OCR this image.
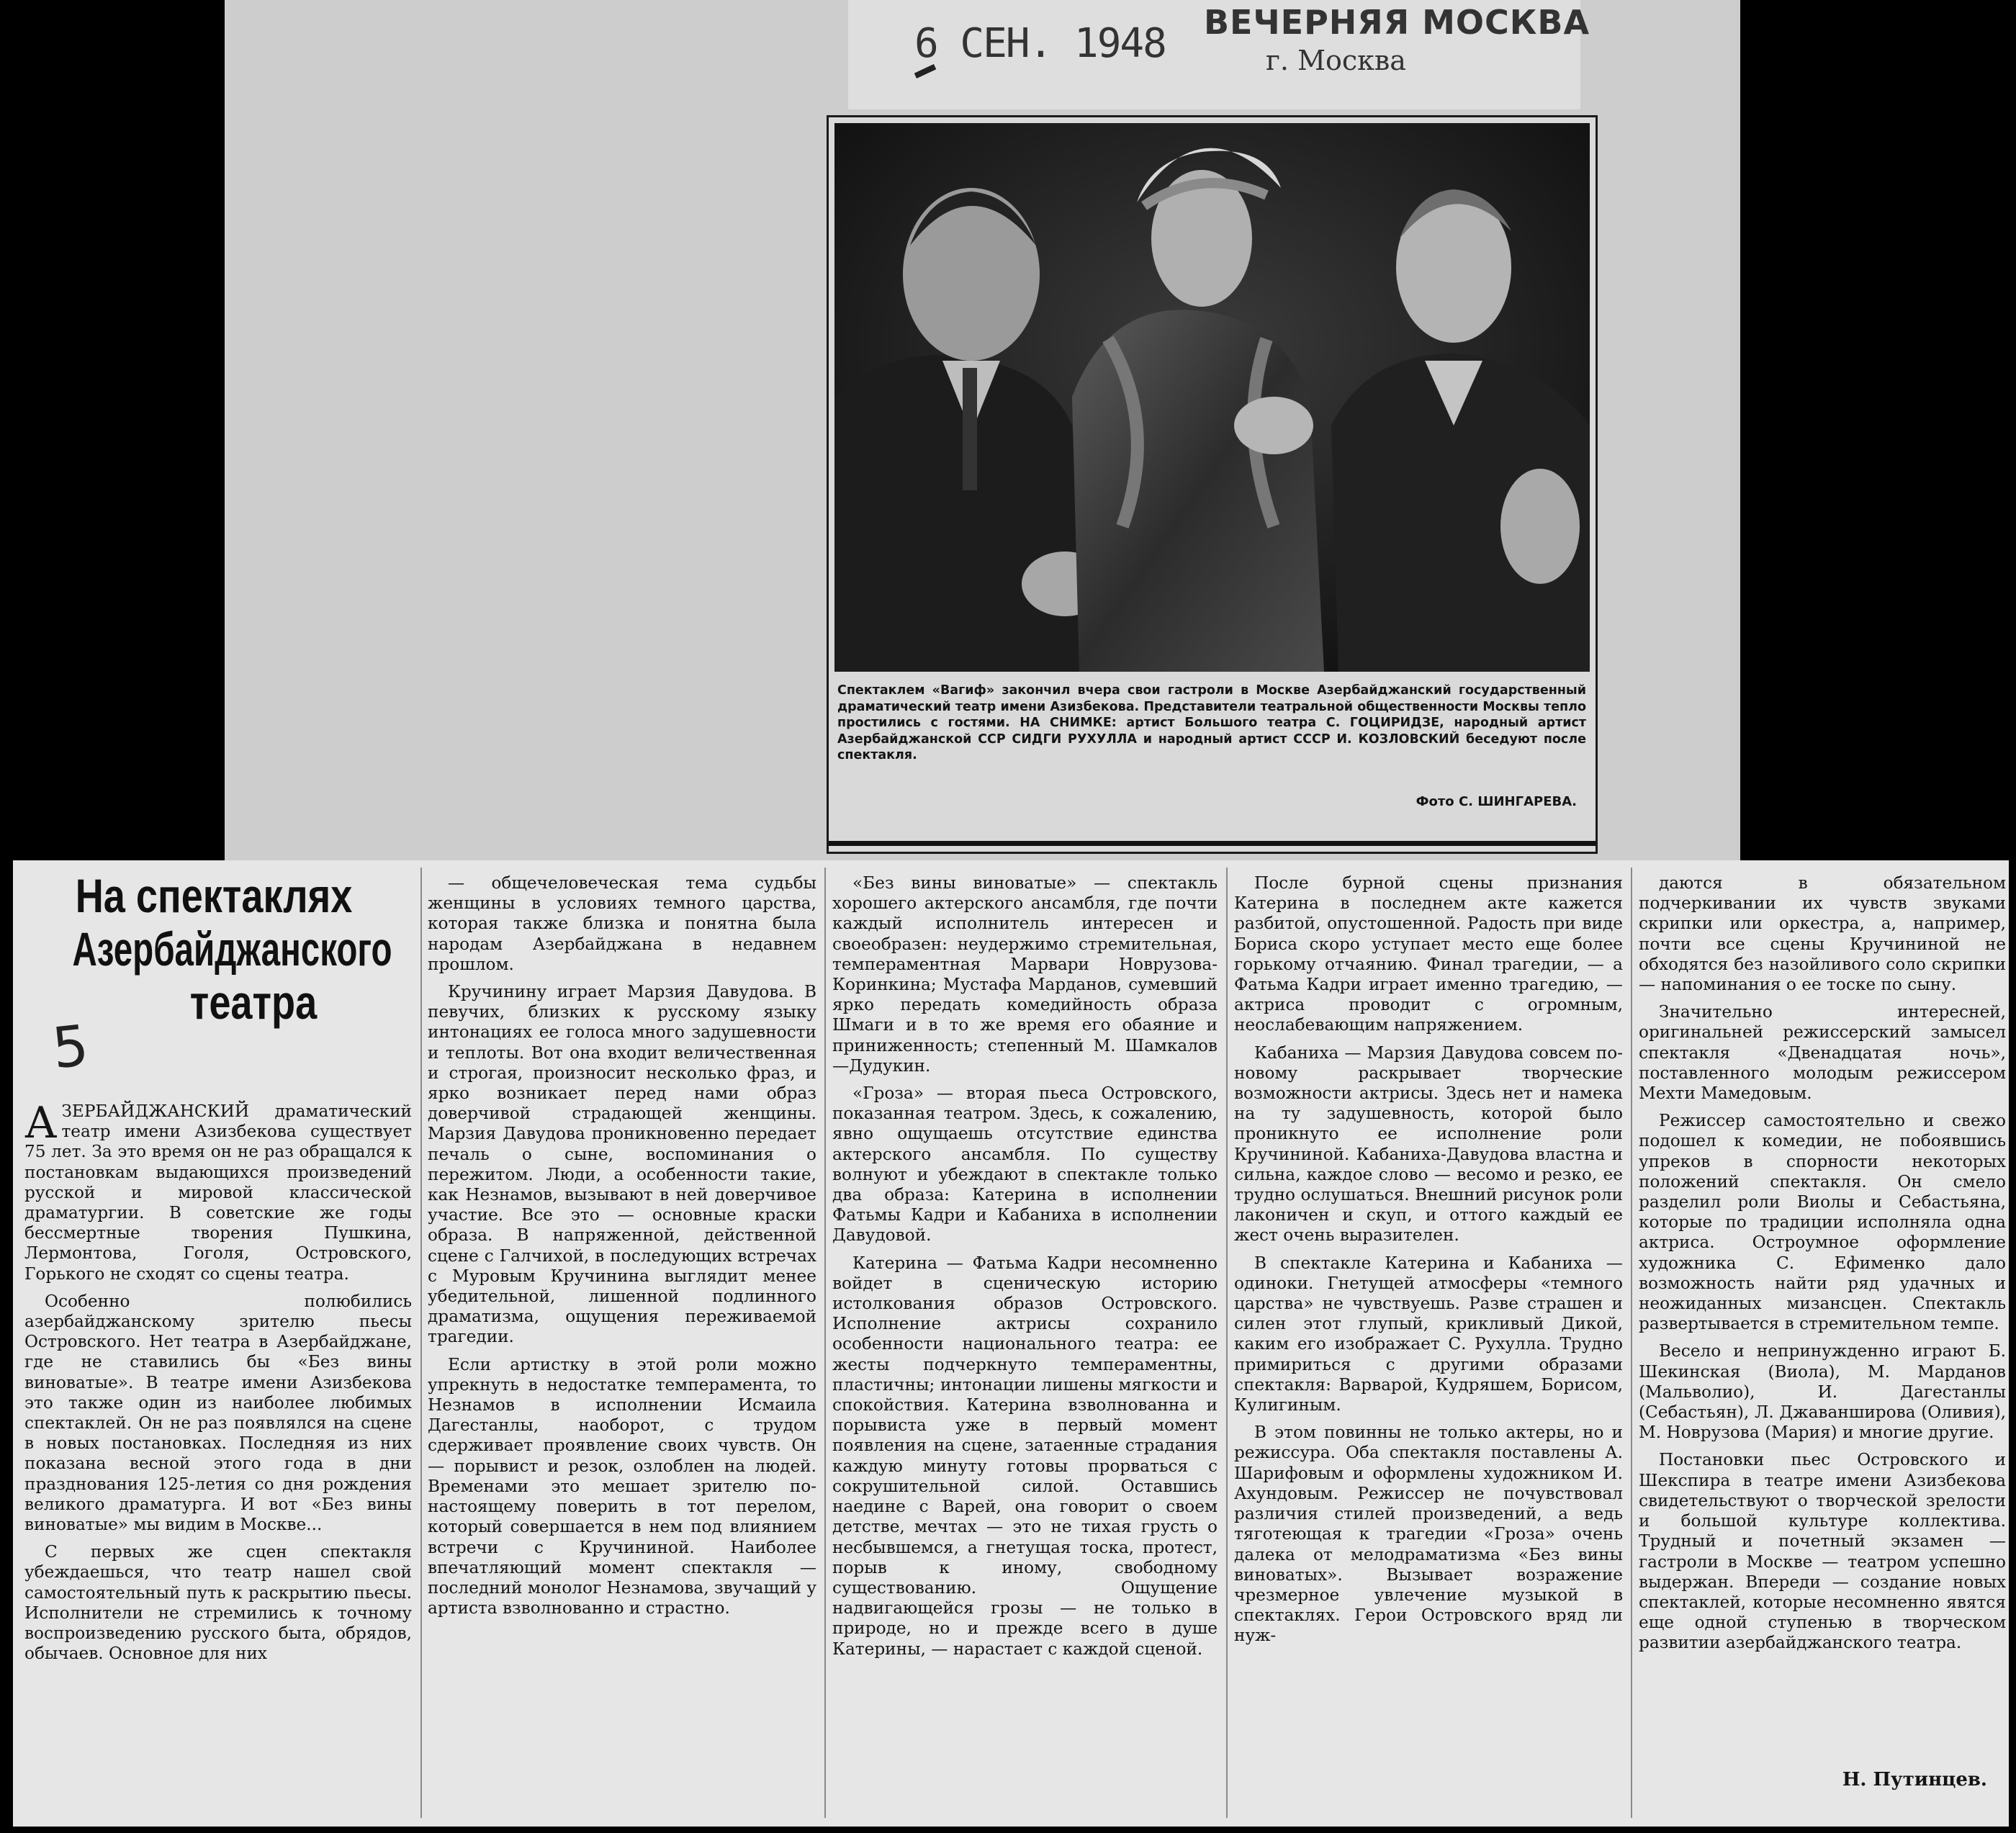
6 СЕН. 1948 ВЕЧЕРНЯЯ МОСКВА
г. Москва

Спектаклем «Вагиф» закончил вчера свои гастроли в Москве Азербайджанский государственный драматический театр имени Азизбекова. Представители театральной общественности Москвы тепло простились с гостями. НА СНИМКЕ: артист Большого театра С. ГОЦИРИДЗЕ, народный артист Азербайджанской ССР СИДГИ РУХУЛЛА и народный артист СССР И. КОЗЛОВСКИЙ беседуют после спектакля.

Фото С. ШИНГАРЕВА.

На спектаклях
Азербайджанского
театра
5

АЗЕРБАЙДЖАНСКИЙ драматический театр имени Азизбекова существует 75 лет. За это время он не раз обращался к постановкам выдающихся произведений русской и мировой классической драматургии. В советские же годы бессмертные творения Пушкина, Лермонтова, Гоголя, Островского, Горького не сходят со сцены театра.

Особенно полюбились азербайджанскому зрителю пьесы Островского. Нет театра в Азербайджане, где не ставились бы «Без вины виноватые». В театре имени Азизбекова это также один из наиболее любимых спектаклей. Он не раз появлялся на сцене в новых постановках. Последняя из них показана весной этого года в дни празднования 125-летия со дня рождения великого драматурга. И вот «Без вины виноватые» мы видим в Москве...

С первых же сцен спектакля убеждаешься, что театр нашел свой самостоятельный путь к раскрытию пьесы. Исполнители не стремились к точному воспроизведению русского быта, обрядов, обычаев. Основное для них

— общечеловеческая тема судьбы женщины в условиях темного царства, которая также близка и понятна была народам Азербайджана в недавнем прошлом.

Кручинину играет Марзия Давудова. В певучих, близких к русскому языку интонациях ее голоса много задушевности и теплоты. Вот она входит величественная и строгая, произносит несколько фраз, и ярко возникает перед нами образ доверчивой страдающей женщины. Марзия Давудова проникновенно передает печаль о сыне, воспоминания о пережитом. Люди, а особенности такие, как Незнамов, вызывают в ней доверчивое участие. Все это — основные краски образа. В напряженной, действенной сцене с Галчихой, в последующих встречах с Муровым Кручинина выглядит менее убедительной, лишенной подлинного драматизма, ощущения переживаемой трагедии.

Если артистку в этой роли можно упрекнуть в недостатке темперамента, то Незнамов в исполнении Исмаила Дагестанлы, наоборот, с трудом сдерживает проявление своих чувств. Он — порывист и резок, озлоблен на людей. Временами это мешает зрителю по-настоящему поверить в тот перелом, который совершается в нем под влиянием встречи с Кручининой. Наиболее впечатляющий момент спектакля — последний монолог Незнамова, звучащий у артиста взволнованно и страстно.

«Без вины виноватые» — спектакль хорошего актерского ансамбля, где почти каждый исполнитель интересен и своеобразен: неудержимо стремительная, темпераментная Марвари Новрузова-Коринкина; Мустафа Марданов, сумевший ярко передать комедийность образа Шмаги и в то же время его обаяние и приниженность; степенный М. Шамкалов—Дудукин.

«Гроза» — вторая пьеса Островского, показанная театром. Здесь, к сожалению, явно ощущаешь отсутствие единства актерского ансамбля. По существу волнуют и убеждают в спектакле только два образа: Катерина в исполнении Фатьмы Кадри и Кабаниха в исполнении Давудовой.

Катерина — Фатьма Кадри несомненно войдет в сценическую историю истолкования образов Островского. Исполнение актрисы сохранило особенности национального театра: ее жесты подчеркнуто темпераментны, пластичны; интонации лишены мягкости и спокойствия. Катерина взволнованна и порывиста уже в первый момент появления на сцене, затаенные страдания каждую минуту готовы прорваться с сокрушительной силой. Оставшись наедине с Варей, она говорит о своем детстве, мечтах — это не тихая грусть о несбывшемся, а гнетущая тоска, протест, порыв к иному, свободному существованию. Ощущение надвигающейся грозы — не только в природе, но и прежде всего в душе Катерины, — нарастает с каждой сценой.

После бурной сцены признания Катерина в последнем акте кажется разбитой, опустошенной. Радость при виде Бориса скоро уступает место еще более горькому отчаянию. Финал трагедии, — а Фатьма Кадри играет именно трагедию, — актриса проводит с огромным, неослабевающим напряжением.

Кабаниха — Марзия Давудова совсем по-новому раскрывает творческие возможности актрисы. Здесь нет и намека на ту задушевность, которой было проникнуто ее исполнение роли Кручининой. Кабаниха-Давудова властна и сильна, каждое слово — весомо и резко, ее трудно ослушаться. Внешний рисунок роли лаконичен и скуп, и оттого каждый ее жест очень выразителен.

В спектакле Катерина и Кабаниха — одиноки. Гнетущей атмосферы «темного царства» не чувствуешь. Разве страшен и силен этот глупый, крикливый Дикой, каким его изображает С. Рухулла. Трудно примириться с другими образами спектакля: Варварой, Кудряшем, Борисом, Кулигиным.

В этом повинны не только актеры, но и режиссура. Оба спектакля поставлены А. Шарифовым и оформлены художником И. Ахундовым. Режиссер не почувствовал различия стилей произведений, а ведь тяготеющая к трагедии «Гроза» очень далека от мелодраматизма «Без вины виноватых». Вызывает возражение чрезмерное увлечение музыкой в спектаклях. Герои Островского вряд ли нуж-

даются в обязательном подчеркивании их чувств звуками скрипки или оркестра, а, например, почти все сцены Кручининой не обходятся без назойливого соло скрипки — напоминания о ее тоске по сыну.

Значительно интересней, оригинальней режиссерский замысел спектакля «Двенадцатая ночь», поставленного молодым режиссером Мехти Мамедовым.

Режиссер самостоятельно и свежо подошел к комедии, не побоявшись упреков в спорности некоторых положений спектакля. Он смело разделил роли Виолы и Себастьяна, которые по традиции исполняла одна актриса. Остроумное оформление художника С. Ефименко дало возможность найти ряд удачных и неожиданных мизансцен. Спектакль развертывается в стремительном темпе.

Весело и непринужденно играют Б. Шекинская (Виола), М. Марданов (Мальволио), И. Дагестанлы (Себастьян), Л. Джаваншировa (Оливия), М. Новрузова (Мария) и многие другие.

Постановки пьес Островского и Шекспира в театре имени Азизбекова свидетельствуют о творческой зрелости и большой культуре коллектива. Трудный и почетный экзамен — гастроли в Москве — театром успешно выдержан. Впереди — создание новых спектаклей, которые несомненно явятся еще одной ступенью в творческом развитии азербайджанского театра.

Н. Путинцев.
